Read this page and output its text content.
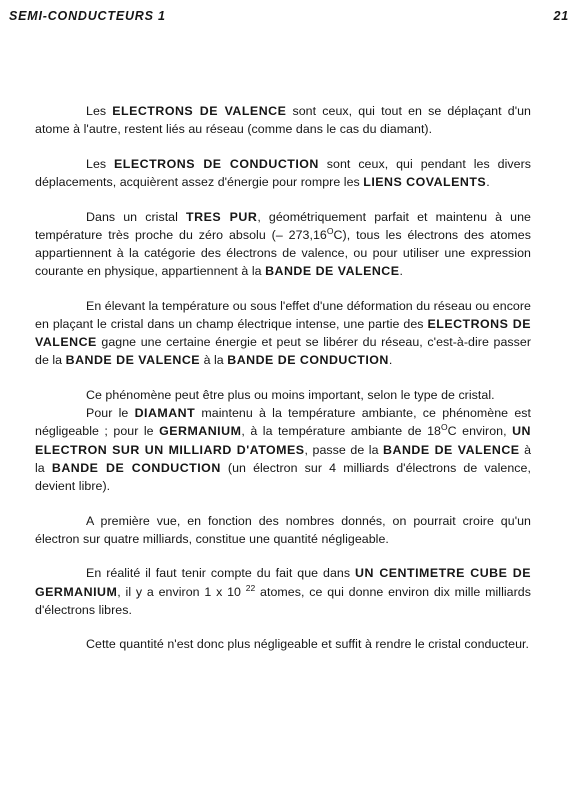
SEMI-CONDUCTEURS 1	21

Les ELECTRONS DE VALENCE sont ceux, qui tout en se déplaçant d'un atome à l'autre, restent liés au réseau (comme dans le cas du diamant).

Les ELECTRONS DE CONDUCTION sont ceux, qui pendant les divers déplacements, acquièrent assez d'énergie pour rompre les LIENS COVALENTS.

Dans un cristal TRES PUR, géométriquement parfait et maintenu à une température très proche du zéro absolu (– $273,16^OC$), tous les électrons des atomes appartiennent à la catégorie des électrons de valence, ou pour utiliser une expression courante en physique, appartiennent à la BANDE DE VALENCE.

En élevant la température ou sous l'effet d'une déformation du réseau ou encore en plaçant le cristal dans un champ électrique intense, une partie des ELECTRONS DE VALENCE gagne une certaine énergie et peut se libérer du réseau, c'est-à-dire passer de la BANDE DE VALENCE à la BANDE DE CONDUCTION.

Ce phénomène peut être plus ou moins important, selon le type de cristal.

Pour le DIAMANT maintenu à la température ambiante, ce phénomène est négligeable ; pour le GERMANIUM, à la température ambiante de $18^OC$ environ, UN ELECTRON SUR UN MILLIARD D'ATOMES, passe de la BANDE DE VALENCE à la BANDE DE CONDUCTION (un électron sur 4 milliards d'électrons de valence, devient libre).

A première vue, en fonction des nombres donnés, on pourrait croire qu'un électron sur quatre milliards, constitue une quantité négligeable.

En réalité il faut tenir compte du fait que dans UN CENTIMETRE CUBE DE GERMANIUM, il y a environ 1 x 10 $^{22}$ atomes, ce qui donne environ dix mille milliards d'électrons libres.

Cette quantité n'est donc plus négligeable et suffit à rendre le cristal conducteur.
